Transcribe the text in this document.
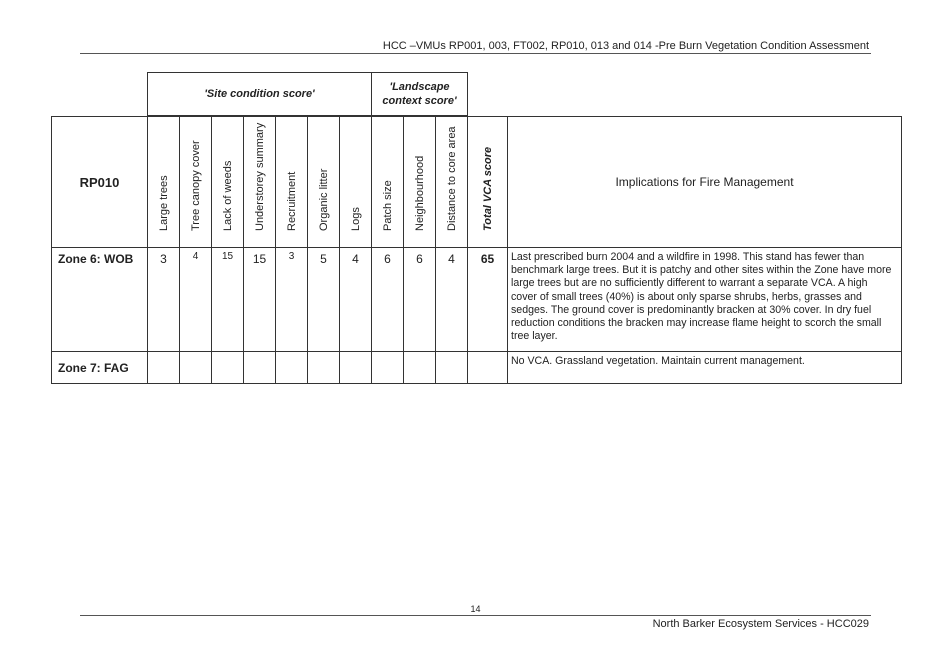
HCC –VMUs RP001, 003, FT002, RP010, 013 and 014 -Pre Burn Vegetation Condition Assessment
'Site condition score'
'Landscape
context score'
RP010	Large trees	Tree canopy cover	Lack of weeds	Understorey summary	Recruitment	Organic litter	Logs	Patch size	Neighbourhood	Distance to core area	Total VCA score	Implications for Fire Management
Zone 6: WOB	3	4	15	15	3	5	4	6	6	4	65	Last prescribed burn 2004 and a wildfire in 1998. This stand has fewer than benchmark large trees. But it is patchy and other sites within the Zone have more large trees but are no sufficiently different to warrant a separate VCA. A high cover of small trees (40%) is about only sparse shrubs, herbs, grasses and sedges. The ground cover is predominantly bracken at 30% cover. In dry fuel reduction conditions the bracken may increase flame height to scorch the small tree layer.
Zone 7: FAG												No VCA. Grassland vegetation. Maintain current management.
14
North Barker Ecosystem Services - HCC029
